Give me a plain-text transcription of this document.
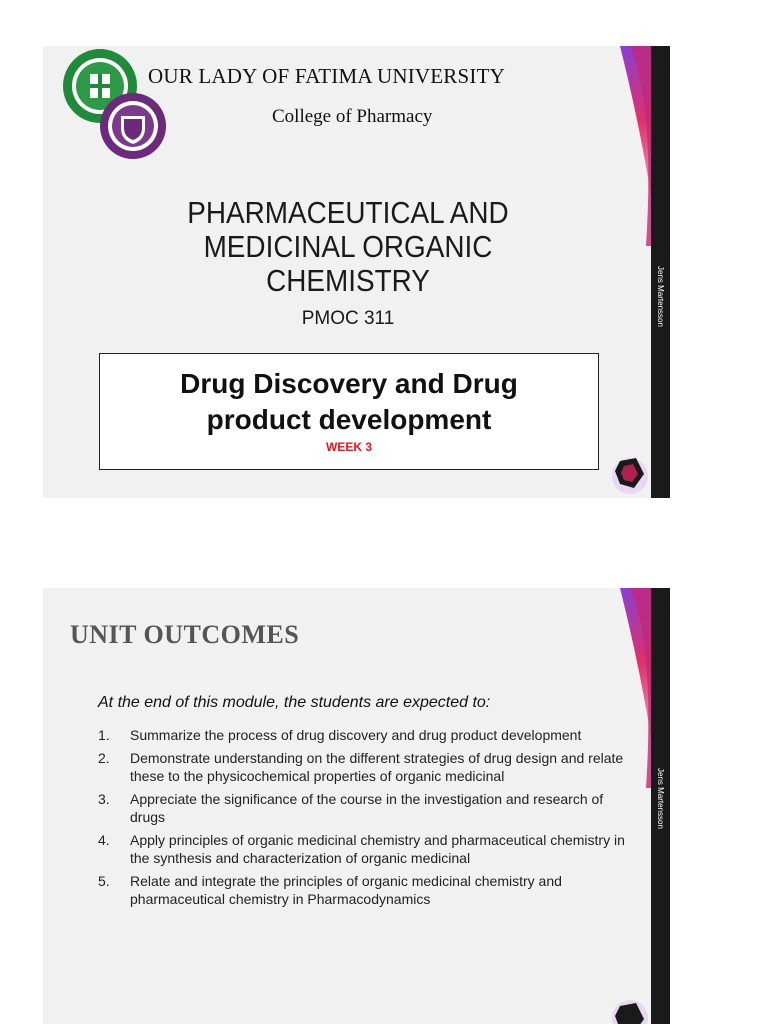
OUR LADY OF FATIMA UNIVERSITY
College of Pharmacy
PHARMACEUTICAL AND
MEDICINAL ORGANIC
CHEMISTRY
PMOC 311
Drug Discovery and Drug
product development
WEEK 3
Jens Martensson
UNIT OUTCOMES
At the end of this module, the students are expected to:
1. Summarize the process of drug discovery and drug product development
2. Demonstrate understanding on the different strategies of drug design and relate these to the physicochemical properties of organic medicinal
3. Appreciate the significance of the course in the investigation and research of drugs
4. Apply principles of organic medicinal chemistry and pharmaceutical chemistry in the synthesis and characterization of organic medicinal
5. Relate and integrate the principles of organic medicinal chemistry and pharmaceutical chemistry in Pharmacodynamics
Jens Martensson
